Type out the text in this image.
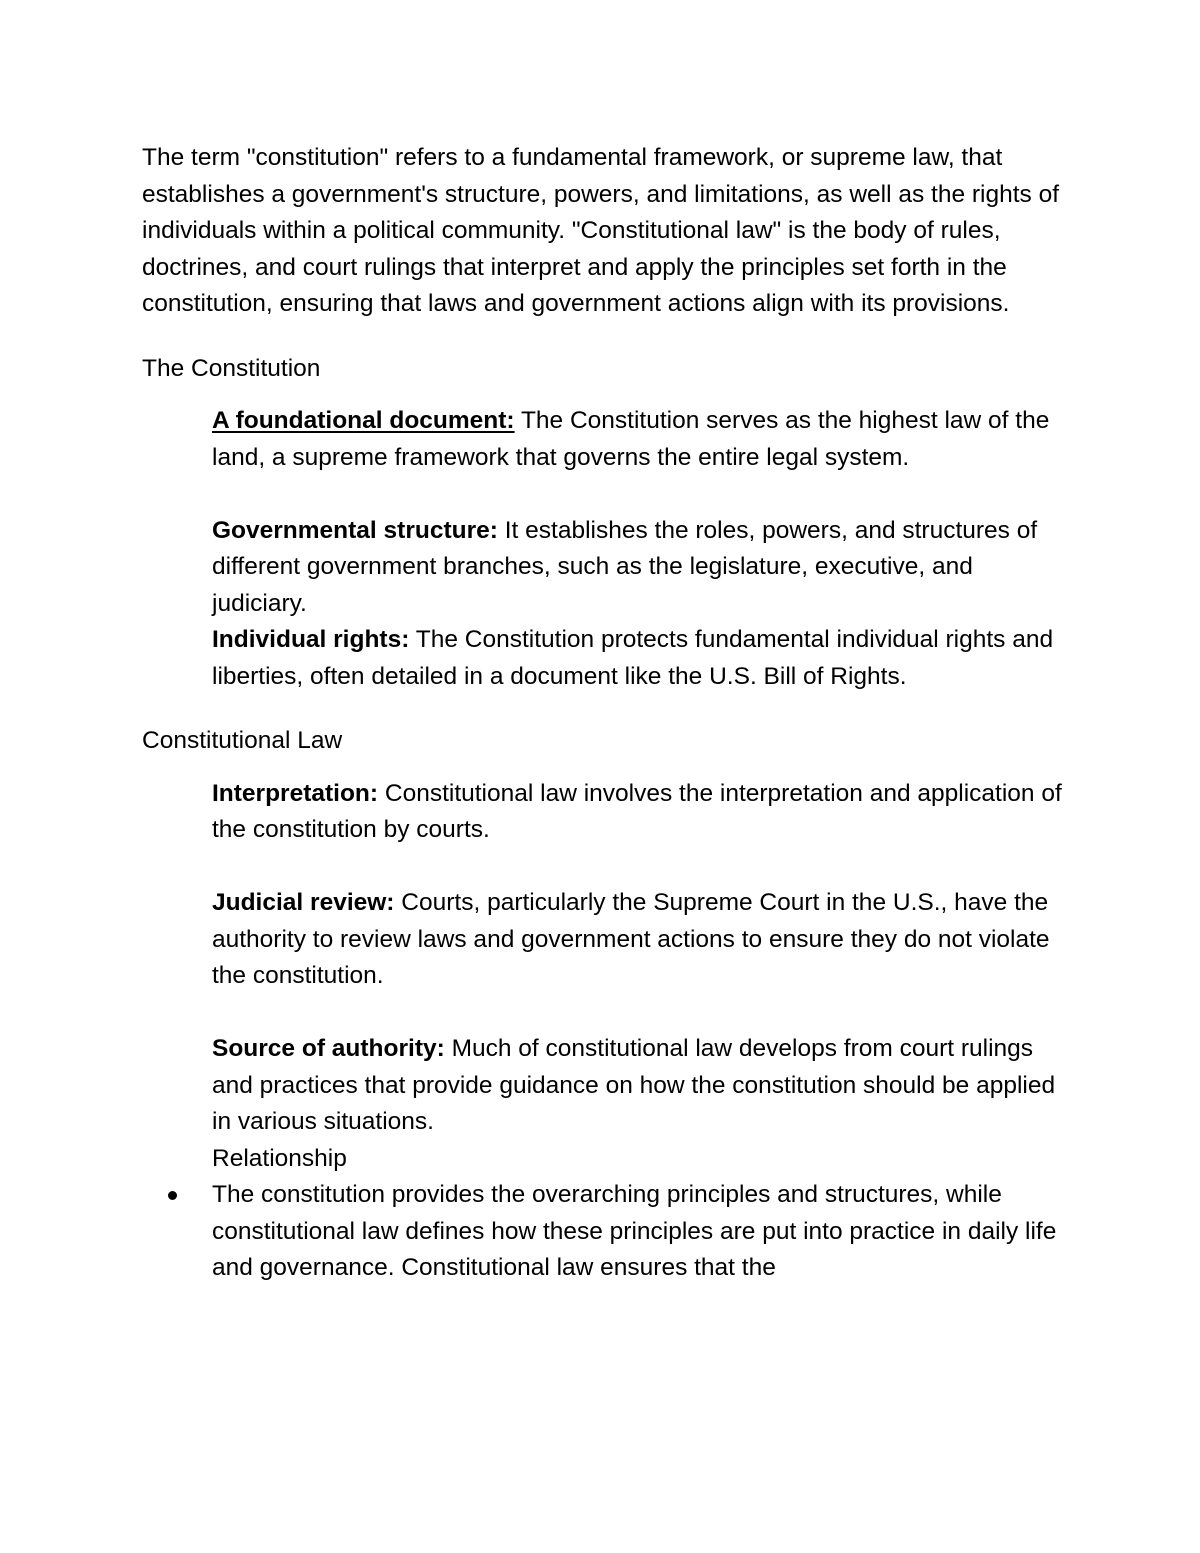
The term "constitution" refers to a fundamental framework, or supreme law, that establishes a government's structure, powers, and limitations, as well as the rights of individuals within a political community. "Constitutional law" is the body of rules, doctrines, and court rulings that interpret and apply the principles set forth in the constitution, ensuring that laws and government actions align with its provisions.

The Constitution

A foundational document: The Constitution serves as the highest law of the land, a supreme framework that governs the entire legal system.

Governmental structure: It establishes the roles, powers, and structures of different government branches, such as the legislature, executive, and judiciary.

Individual rights: The Constitution protects fundamental individual rights and liberties, often detailed in a document like the U.S. Bill of Rights.

Constitutional Law

Interpretation: Constitutional law involves the interpretation and application of the constitution by courts.

Judicial review: Courts, particularly the Supreme Court in the U.S., have the authority to review laws and government actions to ensure they do not violate the constitution.

Source of authority: Much of constitutional law develops from court rulings and practices that provide guidance on how the constitution should be applied in various situations.

Relationship

The constitution provides the overarching principles and structures, while constitutional law defines how these principles are put into practice in daily life and governance. Constitutional law ensures that the
